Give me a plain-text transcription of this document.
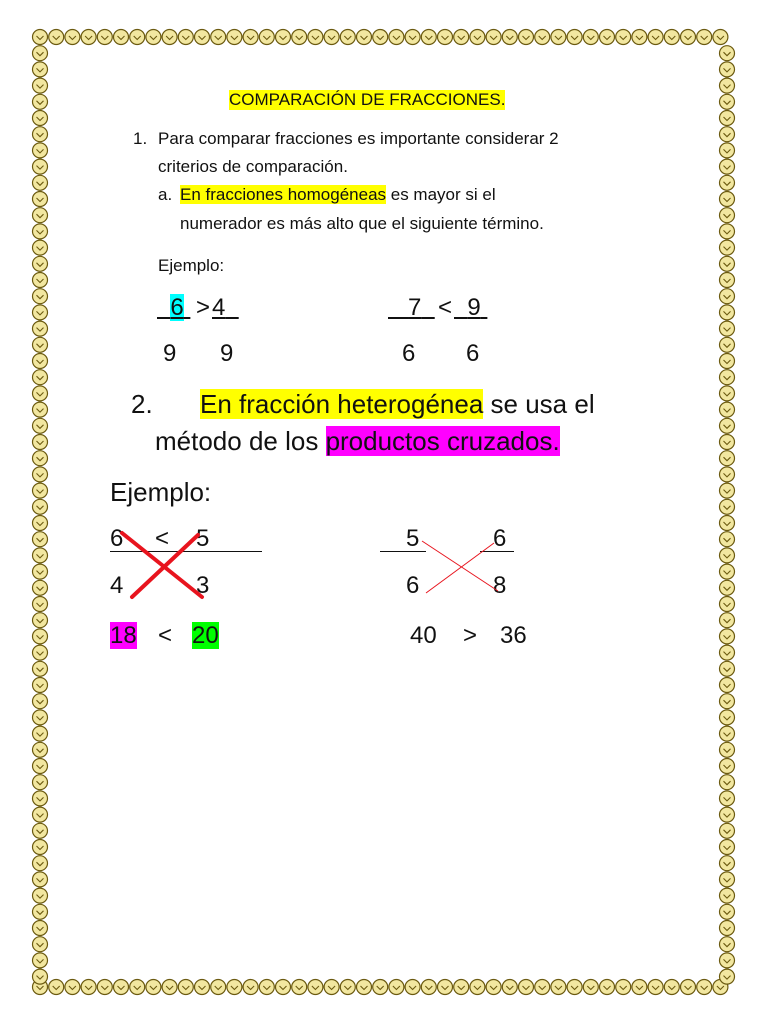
COMPARACIÓN DE FRACCIONES.
1. Para comparar fracciones es importante considerar 2
criterios de comparación.
a. En fracciones homogéneas es mayor si el
numerador es más alto que el siguiente término.
Ejemplo:
6 > 4
9 9
7 < 9
6 6
2. En fracción heterogénea se usa el
método de los productos cruzados.
Ejemplo:
6 < 5
4	3
18 < 20
5	6
6	8
40 > 36
